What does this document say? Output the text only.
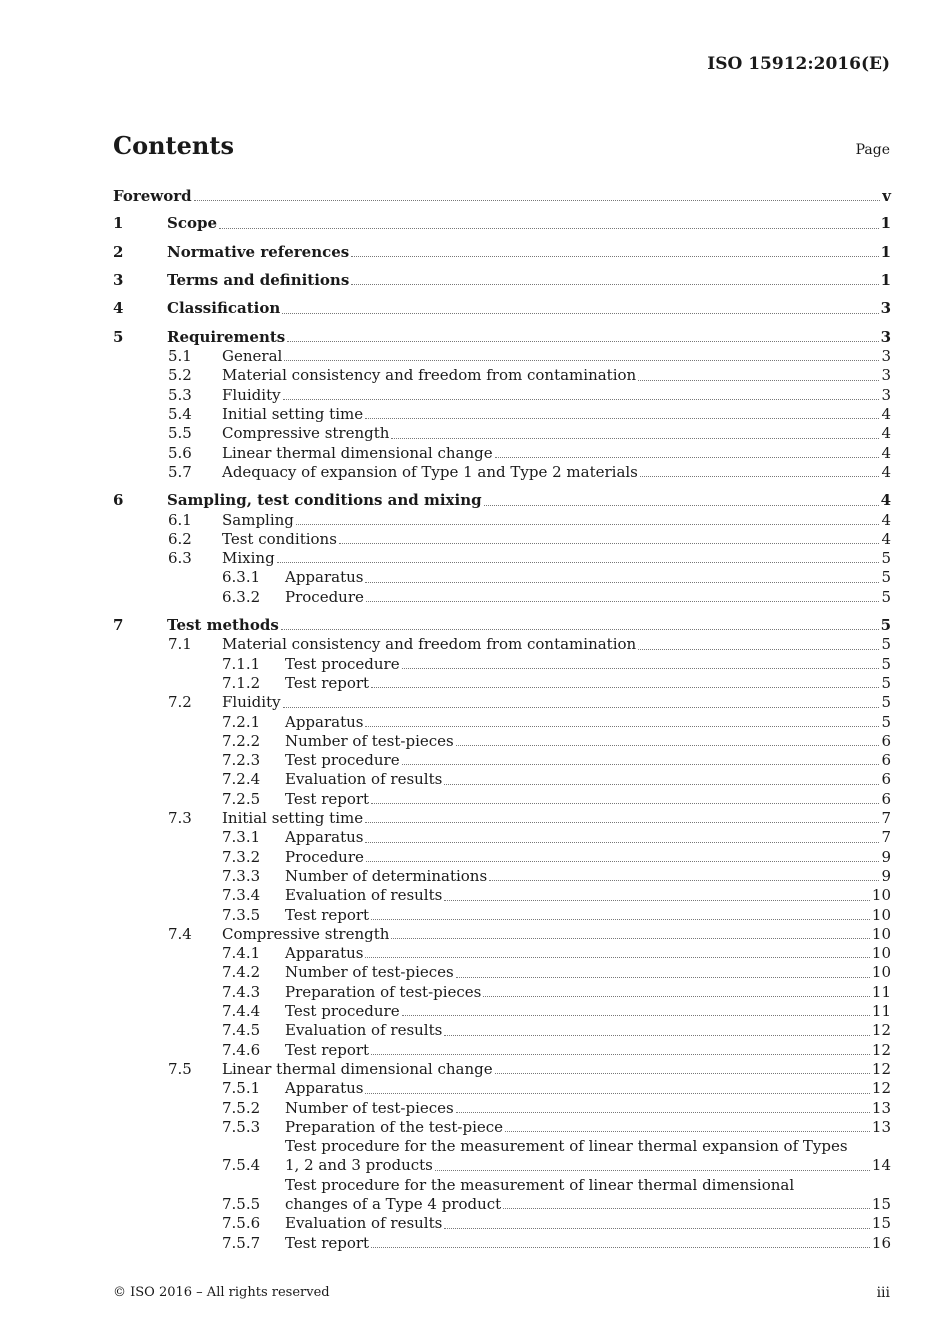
ISO 15912:2016(E)
Contents	Page
Foreword	v
1	Scope	1
2	Normative references	1
3	Terms and definitions	1
4	Classification	3
5	Requirements	3
5.1 General	3
5.2 Material consistency and freedom from contamination	3
5.3 Fluidity	3
5.4 Initial setting time	4
5.5 Compressive strength	4
5.6 Linear thermal dimensional change	4
5.7 Adequacy of expansion of Type 1 and Type 2 materials	4
6	Sampling, test conditions and mixing	4
6.1 Sampling	4
6.2 Test conditions	4
6.3 Mixing	5
6.3.1 Apparatus	5
6.3.2 Procedure	5
7	Test methods	5
7.1 Material consistency and freedom from contamination	5
7.1.1 Test procedure	5
7.1.2 Test report	5
7.2 Fluidity	5
7.2.1 Apparatus	5
7.2.2 Number of test-pieces	6
7.2.3 Test procedure	6
7.2.4 Evaluation of results	6
7.2.5 Test report	6
7.3 Initial setting time	7
7.3.1 Apparatus	7
7.3.2 Procedure	9
7.3.3 Number of determinations	9
7.3.4 Evaluation of results	10
7.3.5 Test report	10
7.4 Compressive strength	10
7.4.1 Apparatus	10
7.4.2 Number of test-pieces	10
7.4.3 Preparation of test-pieces	11
7.4.4 Test procedure	11
7.4.5 Evaluation of results	12
7.4.6 Test report	12
7.5 Linear thermal dimensional change	12
7.5.1 Apparatus	12
7.5.2 Number of test-pieces	13
7.5.3 Preparation of the test-piece	13
7.5.4
Test procedure for the measurement of linear thermal expansion of Types
1, 2 and 3 products	14
7.5.5
Test procedure for the measurement of linear thermal dimensional
changes of a Type 4 product	15
7.5.6 Evaluation of results	15
7.5.7 Test report	16
© ISO 2016 – All rights reserved	iii
